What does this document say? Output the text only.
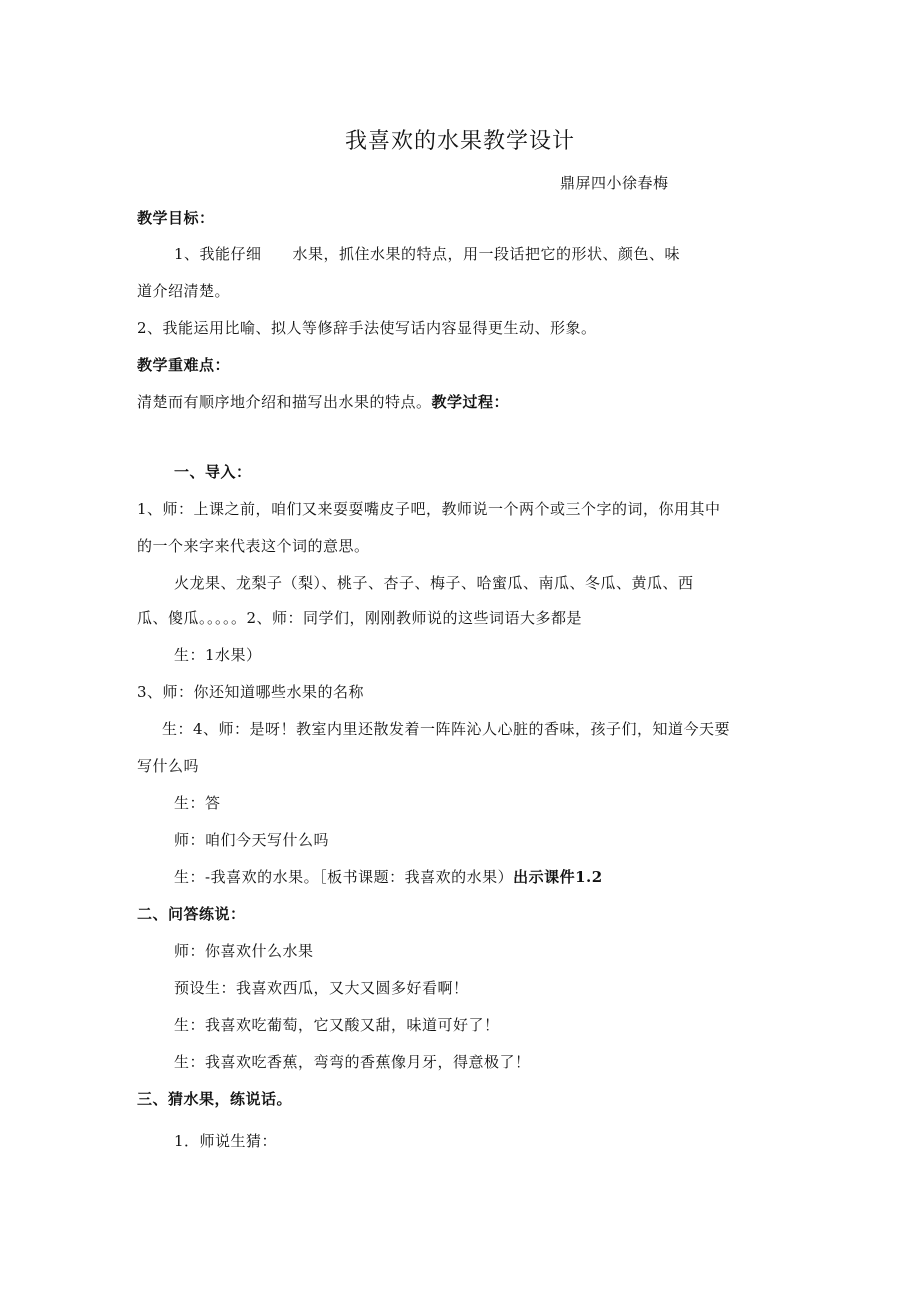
我喜欢的水果教学设计
鼎屏四小徐春梅
教学目标：
1、我能仔细　　水果，抓住水果的特点，用一段话把它的形状、颜色、味
道介绍清楚。
2、我能运用比喻、拟人等修辞手法使写话内容显得更生动、形象。
教学重难点：
清楚而有顺序地介绍和描写出水果的特点。教学过程：
一、导入：
1、师：上课之前，咱们又来耍耍嘴皮子吧，教师说一个两个或三个字的词，你用其中
的一个来字来代表这个词的意思。
火龙果、龙梨子（梨）、桃子、杏子、梅子、哈蜜瓜、南瓜、冬瓜、黄瓜、西
瓜、傻瓜。。。。。2、师：同学们，刚刚教师说的这些词语大多都是
生：1水果）
3、师：你还知道哪些水果的名称
生：4、师：是呀！教室内里还散发着一阵阵沁人心脏的香味，孩子们，知道今天要
写什么吗
生：答
师：咱们今天写什么吗
生：-我喜欢的水果。［板书课题：我喜欢的水果）出示课件1.2
二、问答练说：
师：你喜欢什么水果
预设生：我喜欢西瓜，又大又圆多好看啊！
生：我喜欢吃葡萄，它又酸又甜，味道可好了！
生：我喜欢吃香蕉，弯弯的香蕉像月牙，得意极了！
三、猜水果，练说话。
1．师说生猜：
